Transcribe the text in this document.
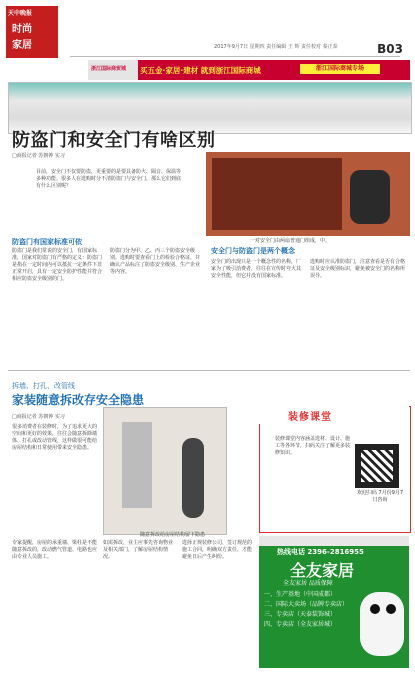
天中晚报
时尚
家居	2017年9月7日 星期四 责任编辑 王 辉 责任校对 秦正泰	B03
浙江国际商贸城 买五金·家居·建材 就到浙江国际商城	浙江国际商城专场
防盗门和安全门有啥区别
□商报记者 苏朝钟 实习
目前，安全门不仅要防盗，更重要的是要具备防火、隔音、保温等多种功能。很多人在选购时分不清防盗门与安全门，那么它们到底有什么区别呢？
一对安全门由两扇普通门组成，中。
防盗门有国家标准可依
防盗门是我们常说的安全门，有国家标准，国家对防盗门有严格的定义：防盗门是指在一定时间内可以抵抗一定条件下非正常开启，具有一定安全防护性能并符合相应防盗安全级别的门。
防盗门分为甲、乙、丙三个防盗安全级别。选购时要查看门上的检验合格证，并确认产品标注了防盗安全级别、生产企业等内容。
安全门与防盗门是两个概念
安全门的出现只是一个概念性的名称，厂家为了吸引消费者，往往在宣传时夸大其安全性能，但它并没有国家标准。
选购时应认准防盗门，注意查看是否有合格证及安全级别标识，避免被安全门的名称所误导。
拆墙、打孔、改管线
家装随意拆改存安全隐患
□商报记者 苏朝钟 实习
很多消费者在装修时，为了追求更大的空间和更好的效果，往往会随意拆除墙体、打孔或改动管线，这样做很可能给房屋结构和日常使用带来安全隐患。
随意拆改给房屋结构留下隐患
专家提醒，房屋的承重墙、梁柱是不能随意拆改的，改动燃气管道、电路也应由专业人员施工。
如需拆改，业主应事先咨询物业及相关部门，了解房屋结构情况。
选择正规装修公司，签订规范的施工合同，明确双方责任，才能避免日后产生纠纷。
装修课堂
装修课堂内容涵盖选材、设计、施工等各环节，扫码关注了解更多装修知识。
欢迎扫码 7月份9月7日咨询
热线电话 2396-2816955
全友家居
全友家居 品质保障
一、生产基地（中国成都）
二、国际大卖场（品牌专卖店）
三、专卖店（天泰装饰城）
四、专卖店（全友家居城）
